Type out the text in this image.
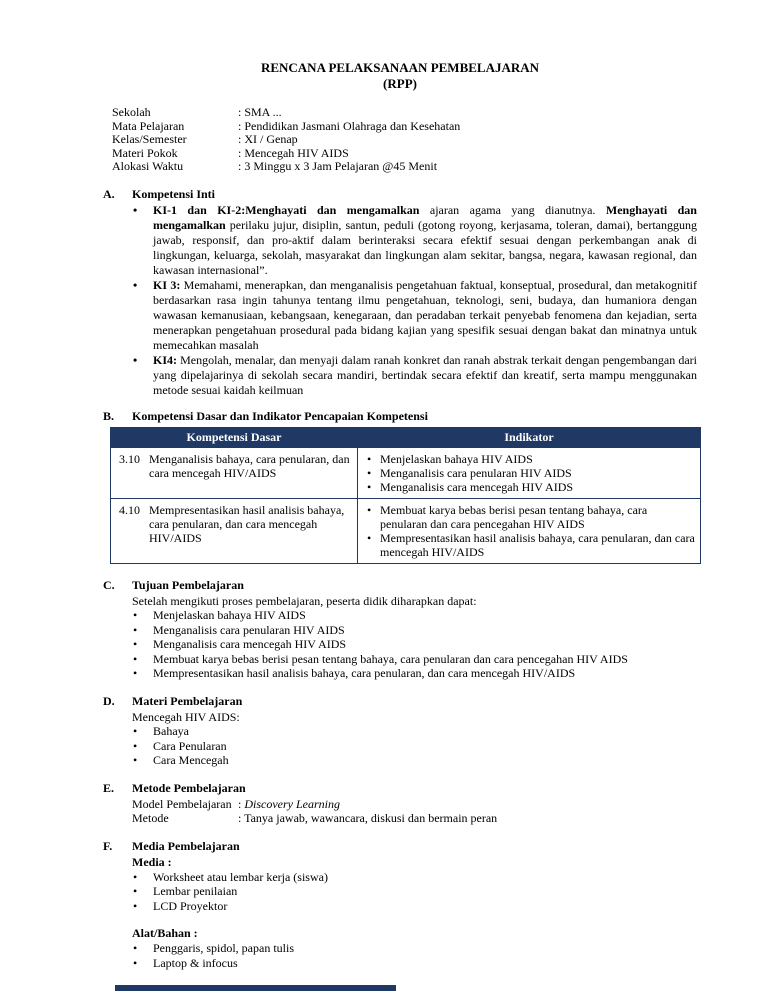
RENCANA PELAKSANAAN PEMBELAJARAN
(RPP)
Sekolah	: SMA ...
Mata Pelajaran	: Pendidikan Jasmani Olahraga dan Kesehatan
Kelas/Semester	: XI / Genap
Materi Pokok	: Mencegah HIV AIDS
Alokasi Waktu	: 3 Minggu x 3 Jam Pelajaran @45 Menit
A. Kompetensi Inti
• KI-1 dan KI-2:Menghayati dan mengamalkan ajaran agama yang dianutnya. Menghayati dan mengamalkan perilaku jujur, disiplin, santun, peduli (gotong royong, kerjasama, toleran, damai), bertanggung jawab, responsif, dan pro-aktif dalam berinteraksi secara efektif sesuai dengan perkembangan anak di lingkungan, keluarga, sekolah, masyarakat dan lingkungan alam sekitar, bangsa, negara, kawasan regional, dan kawasan internasional”.
• KI 3: Memahami, menerapkan, dan menganalisis pengetahuan faktual, konseptual, prosedural, dan metakognitif berdasarkan rasa ingin tahunya tentang ilmu pengetahuan, teknologi, seni, budaya, dan humaniora dengan wawasan kemanusiaan, kebangsaan, kenegaraan, dan peradaban terkait penyebab fenomena dan kejadian, serta menerapkan pengetahuan prosedural pada bidang kajian yang spesifik sesuai dengan bakat dan minatnya untuk memecahkan masalah
• KI4: Mengolah, menalar, dan menyaji dalam ranah konkret dan ranah abstrak terkait dengan pengembangan dari yang dipelajarinya di sekolah secara mandiri, bertindak secara efektif dan kreatif, serta mampu menggunakan metode sesuai kaidah keilmuan
B. Kompetensi Dasar dan Indikator Pencapaian Kompetensi
Kompetensi Dasar	Indikator

3.10 Menganalisis bahaya, cara penularan, dan cara mencegah HIV/AIDS

• Menjelaskan bahaya HIV AIDS
• Menganalisis cara penularan HIV AIDS
• Menganalisis cara mencegah HIV AIDS

4.10 Mempresentasikan hasil analisis bahaya, cara penularan, dan cara mencegah HIV/AIDS

• Membuat karya bebas berisi pesan tentang bahaya, cara penularan dan cara pencegahan HIV AIDS
• Mempresentasikan hasil analisis bahaya, cara penularan, dan cara mencegah HIV/AIDS
C. Tujuan Pembelajaran
Setelah mengikuti proses pembelajaran, peserta didik diharapkan dapat:
• Menjelaskan bahaya HIV AIDS
• Menganalisis cara penularan HIV AIDS
• Menganalisis cara mencegah HIV AIDS
• Membuat karya bebas berisi pesan tentang bahaya, cara penularan dan cara pencegahan HIV AIDS
• Mempresentasikan hasil analisis bahaya, cara penularan, dan cara mencegah HIV/AIDS
D. Materi Pembelajaran
Mencegah HIV AIDS:
• Bahaya
• Cara Penularan
• Cara Mencegah
E. Metode Pembelajaran
Model Pembelajaran : Discovery Learning
Metode	: Tanya jawab, wawancara, diskusi dan bermain peran
F. Media Pembelajaran
Media :
• Worksheet atau lembar kerja (siswa)
• Lembar penilaian
• LCD Proyektor
Alat/Bahan :
• Penggaris, spidol, papan tulis
• Laptop & infocus
